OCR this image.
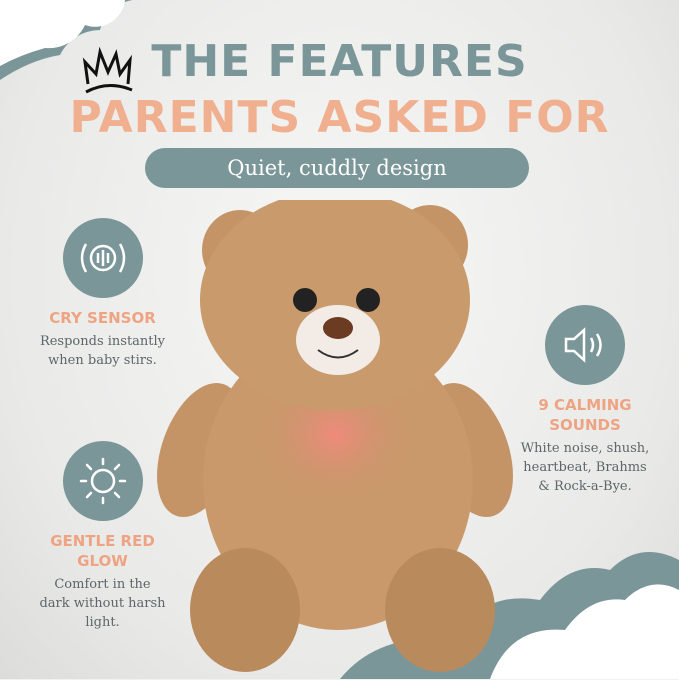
THE FEATURES
PARENTS ASKED FOR
Quiet, cuddly design
CRY SENSOR
Responds instantly when baby stirs.
GENTLE RED GLOW
Comfort in the dark without harsh light.
9 CALMING SOUNDS
White noise, shush, heartbeat, Brahms & Rock-a-Bye.
